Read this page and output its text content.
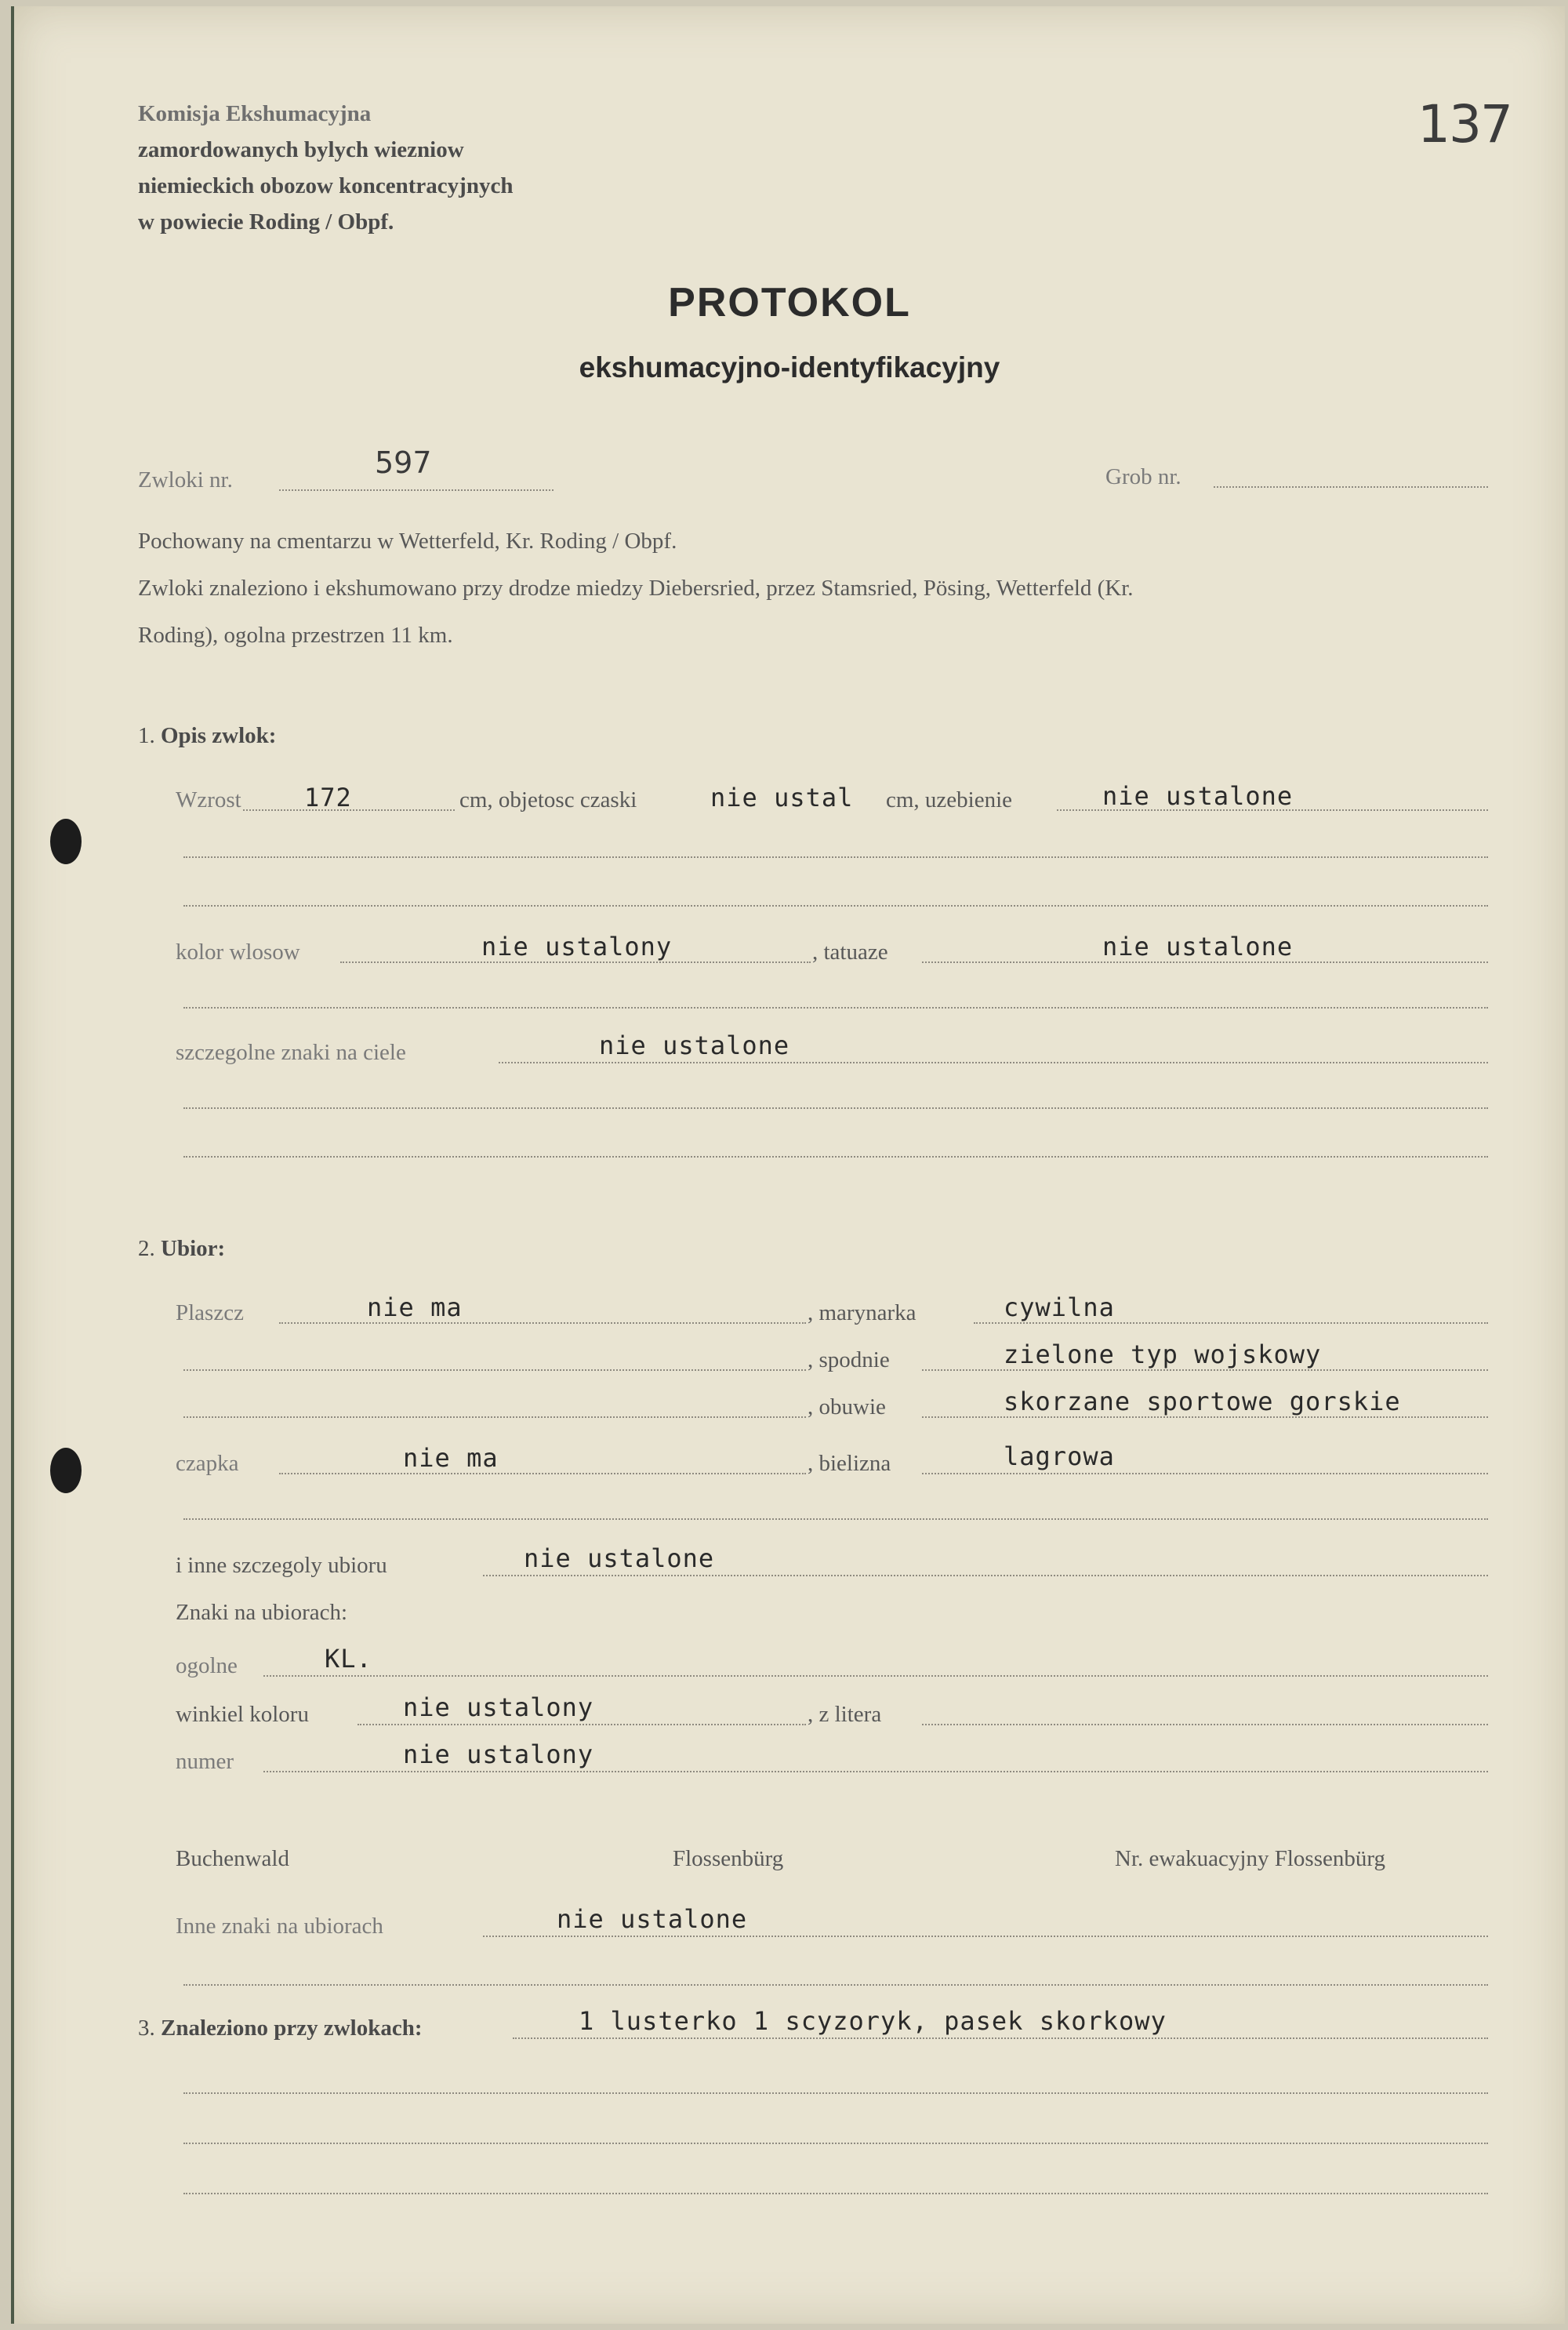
Komisja Ekshumacyjna
zamordowanych bylych wiezniow
niemieckich obozow koncentracyjnych
w powiecie Roding / Obpf.
137
PROTOKOL
ekshumacyjno-identyfikacyjny
Zwloki nr.	597	Grob nr.
Pochowany na cmentarzu w Wetterfeld, Kr. Roding / Obpf.
Zwloki znaleziono i ekshumowano przy drodze miedzy Diebersried, przez Stamsried, Pösing, Wetterfeld (Kr.
Roding), ogolna przestrzen 11 km.
1. Opis zwlok:
Wzrost	172	cm, objetosc czaski	nie ustal cm, uzebienie	nie ustalone
kolor wlosow	nie ustalony	, tatuaze	nie ustalone
szczegolne znaki na ciele	nie ustalone
2. Ubior:
Plaszcz	nie ma	, marynarka	cywilna
, spodnie	zielone typ wojskowy
, obuwie	skorzane sportowe gorskie
czapka	nie ma	, bielizna	lagrowa
i inne szczegoly ubioru	nie ustalone
Znaki na ubiorach:
ogolne	KL.
winkiel koloru	nie ustalony	, z litera
numer	nie ustalony
Buchenwald	Flossenbürg	Nr. ewakuacyjny Flossenbürg
Inne znaki na ubiorach	nie ustalone
3. Znaleziono przy zwlokach:	1 lusterko 1 scyzoryk, pasek skorkowy
